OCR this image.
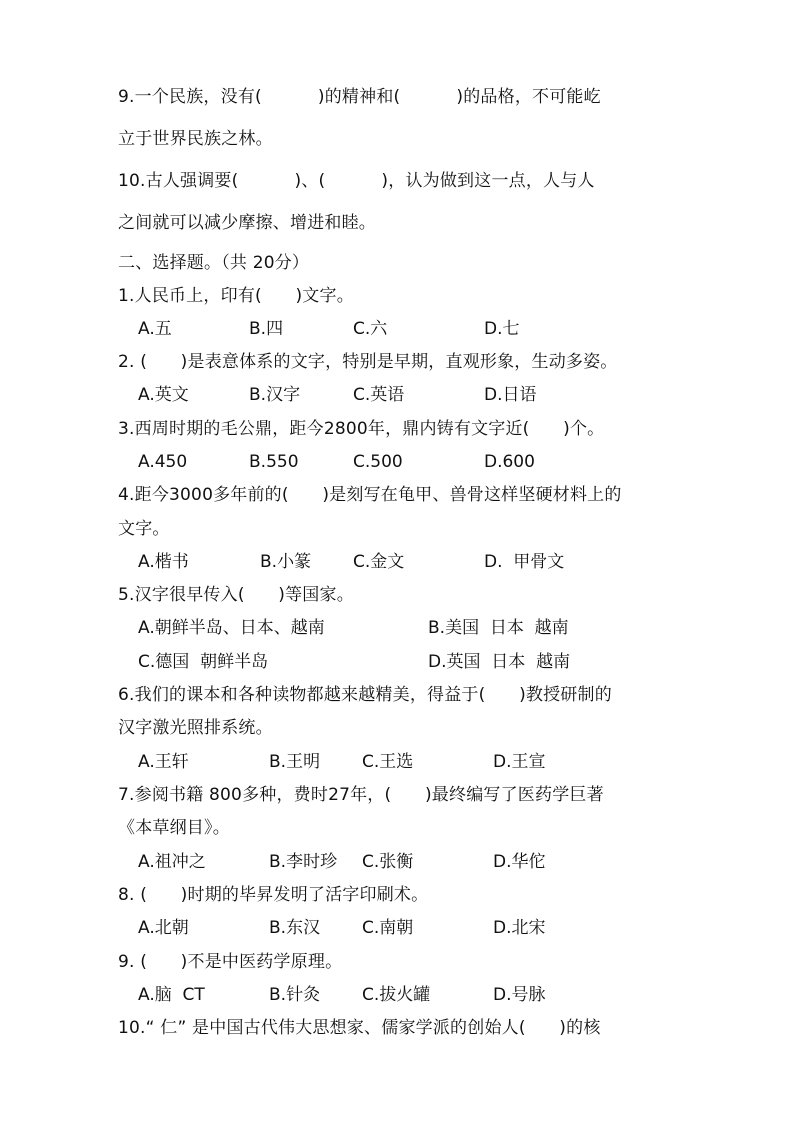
9.一个民族，没有(          )的精神和(          )的品格，不可能屹
立于世界民族之林。
10.古人强调要(          )、(          )，认为做到这一点，人与人
之间就可以减少摩擦、增进和睦。
二、选择题。（共 20分）
1.人民币上，印有(      )文字。
A.五	B.四	C.六	D.七
2. (      )是表意体系的文字，特别是早期，直观形象，生动多姿。
A.英文	B.汉字	C.英语	D.日语
3.西周时期的毛公鼎，距今2800年，鼎内铸有文字近(      )个。
A.450	B.550	C.500	D.600
4.距今3000多年前的(      )是刻写在龟甲、兽骨这样坚硬材料上的
文字。
A.楷书	B.小篆 C.金文	D.  甲骨文
5.汉字很早传入(      )等国家。
A.朝鲜半岛、日本、越南	B.美国  日本  越南
C.德国  朝鲜半岛	D.英国  日本  越南
6.我们的课本和各种读物都越来越精美，得益于(      )教授研制的
汉字激光照排系统。
A.王轩	B.王明 C.王选	D.王宣
7.参阅书籍 800多种，费时27年，(      )最终编写了医药学巨著
《本草纲目》。
A.祖冲之	B.李时珍 C.张衡	D.华佗
8. (      )时期的毕昇发明了活字印刷术。
A.北朝	B.东汉 C.南朝	D.北宋
9. (      )不是中医药学原理。
A.脑  CT	B.针灸 C.拔火罐	D.号脉
10.“ 仁” 是中国古代伟大思想家、儒家学派的创始人(      )的核
